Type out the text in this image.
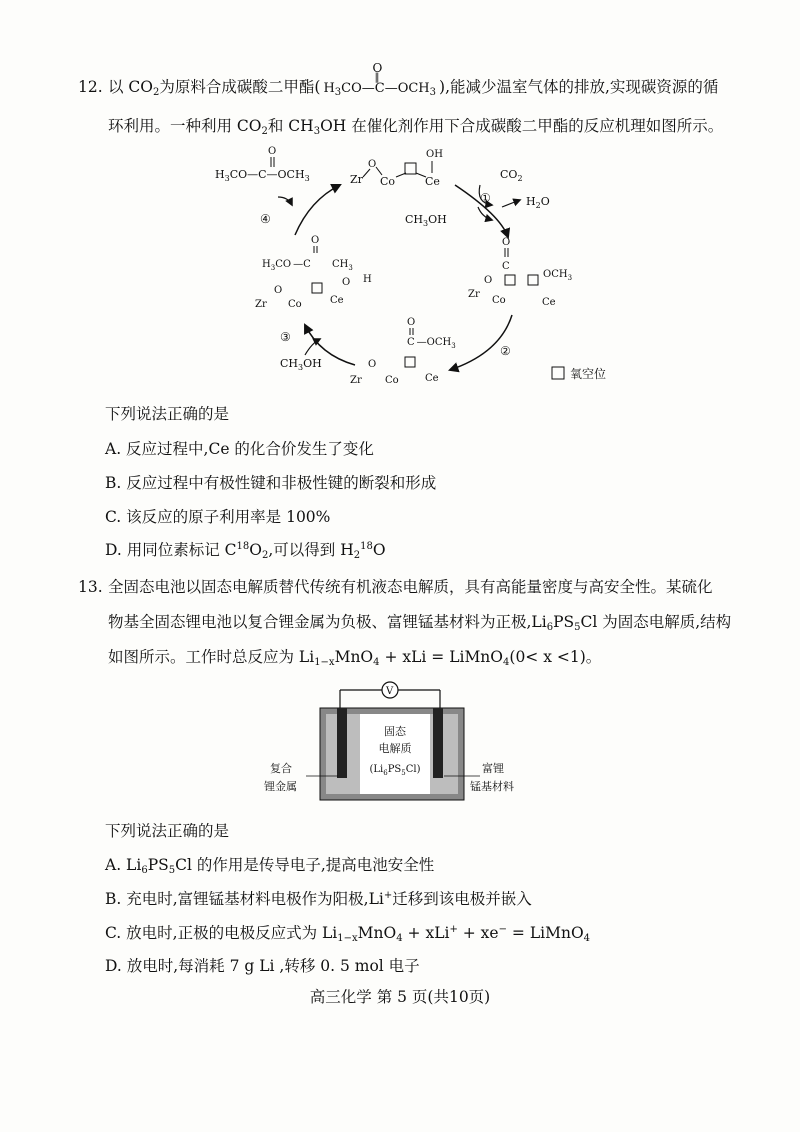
12. 以 $CO_2$为原料合成碳酸二甲酯( $H_3CO—C—OCH_3$
O
‖
),能减少温室气体的排放,实现碳资源的循
环利用。一种利用 $CO_2$和 $CH_3OH$ 在催化剂作用下合成碳酸二甲酯的反应机理如图所示。
Zr
O
Co	Ce
OH
$CO_2$
①	$H_2O$
$CH_3OH$
O
$H_3CO—C—OCH_3$
④
O
C
$OCH_3$
Zr
O
Co	Ce
②
O
C $—OCH_3$
Zr
O
Co	Ce
O
$H_3CO$ —C $CH_3$
O H
Zr
O
Co	Ce
③
$CH_3OH$
氧空位
下列说法正确的是
A. 反应过程中,Ce 的化合价发生了变化
B. 反应过程中有极性键和非极性键的断裂和形成
C. 该反应的原子利用率是 100%
D. 用同位素标记 $C^{18}O_2$,可以得到 $H_2^{18}O$
13. 全固态电池以固态电解质替代传统有机液态电解质，具有高能量密度与高安全性。某硫化
物基全固态锂电池以复合锂金属为负极、富锂锰基材料为正极$,Li_6PS_5Cl$ 为固态电解质,结构
如图所示。工作时总反应为 $Li_{1-x}MnO_4$ + xLi = LiMnO$_4$(0< x <1)。
V
固态
电解质
$(Li_6PS_5Cl)$
复合
锂金属
富锂
锰基材料
下列说法正确的是
A. $Li_6PS_5Cl$ 的作用是传导电子,提高电池安全性
B. 充电时,富锂锰基材料电极作为阳极,Li+迁移到该电极并嵌入
C. 放电时,正极的电极反应式为 $Li_{1-x}MnO_4 + xLi^+ + xe^-$ = LiMnO$_4$
D. 放电时,每消耗 7 g Li ,转移 0. 5 mol 电子
高三化学 第 5 页(共10页)
